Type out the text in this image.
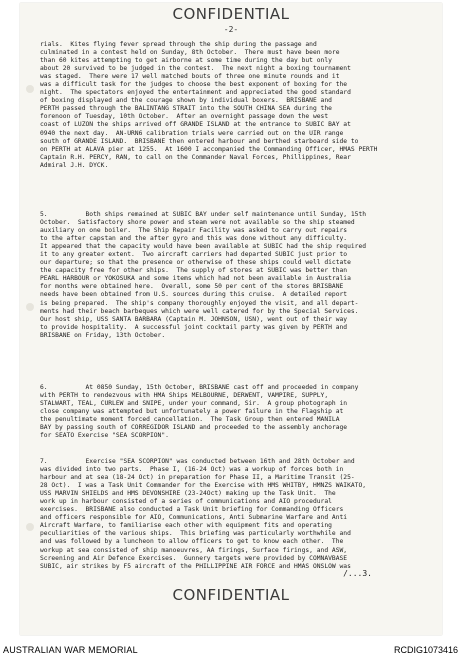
CONFIDENTIAL
-2-
rials.  Kites flying fever spread through the ship during the passage and
culminated in a contest held on Sunday, 8th October.  There must have been more
than 60 kites attempting to get airborne at some time during the day but only
about 20 survived to be judged in the contest.  The next night a boxing tournament
was staged.  There were 17 well matched bouts of three one minute rounds and it
was a difficult task for the judges to choose the best exponent of boxing for the
night.  The spectators enjoyed the entertainment and appreciated the good standard
of boxing displayed and the courage shown by individual boxers.  BRISBANE and
PERTH passed through the BALINTANG STRAIT into the SOUTH CHINA SEA during the
forenoon of Tuesday, 10th October.  After an overnight passage down the west
coast of LUZON the ships arrived off GRANDE ISLAND at the entrance to SUBIC BAY at
0940 the next day.  AN-URN6 calibration trials were carried out on the UIR range
south of GRANDE ISLAND.  BRISBANE then entered harbour and berthed starboard side to
on PERTH at ALAVA pier at 1255.  At 1600 I accompanied the Commanding Officer, HMAS PERTH
Captain R.H. PERCY, RAN, to call on the Commander Naval Forces, Phillippines, Rear
Admiral J.H. DYCK.
5.          Both ships remained at SUBIC BAY under self maintenance until Sunday, 15th
October.  Satisfactory shore power and steam were not available so the ship steamed
auxiliary on one boiler.  The Ship Repair Facility was asked to carry out repairs
to the after capstan and the after gyro and this was done without any difficulty.
It appeared that the capacity would have been available at SUBIC had the ship required
it to any greater extent.  Two aircraft carriers had departed SUBIC just prior to
our departure; so that the presence or otherwise of these ships could well dictate
the capacity free for other ships.  The supply of stores at SUBIC was better than
PEARL HARBOUR or YOKOSUKA and some items which had not been available in Australia
for months were obtained here.  Overall, some 50 per cent of the stores BRISBANE
needs have been obtained from U.S. sources during this cruise.  A detailed report
is being prepared.  The ship's company thoroughly enjoyed the visit, and all depart-
ments had their beach barbeques which were well catered for by the Special Services.
Our host ship, USS SANTA BARBARA (Captain M. JOHNSON, USN), went out of their way
to provide hospitality.  A successful joint cocktail party was given by PERTH and
BRISBANE on Friday, 13th October.
6.          At 0850 Sunday, 15th October, BRISBANE cast off and proceeded in company
with PERTH to rendezvous with HMA Ships MELBOURNE, DERWENT, VAMPIRE, SUPPLY,
STALWART, TEAL, CURLEW and SNIPE, under your command, Sir.  A group photograph in
close company was attempted but unfortunately a power failure in the Flagship at
the penultimate moment forced cancellation.  The Task Group then entered MANILA
BAY by passing south of CORREGIDOR ISLAND and proceeded to the assembly anchorage
for SEATO Exercise "SEA SCORPION".
7.          Exercise "SEA SCORPION" was conducted between 16th and 28th October and
was divided into two parts.  Phase I, (16-24 Oct) was a workup of forces both in
harbour and at sea (18-24 Oct) in preparation for Phase II, a Maritime Transit (25-
28 Oct).  I was a Task Unit Commander for the Exercise with HMS WHITBY, HMNZS WAIKATO,
USS MARVIN SHIELDS and HMS DEVONSHIRE (23-24Oct) making up the Task Unit.  The
work up in harbour consisted of a series of communications and AIO procedural
exercises.  BRISBANE also conducted a Task Unit briefing for Commanding Officers
and officers responsible for AIO, Communications, Anti Submarine Warfare and Anti
Aircraft Warfare, to familiarise each other with equipment fits and operating
peculiarities of the various ships.  This briefing was particularly worthwhile and
and was followed by a luncheon to allow officers to get to know each other.  The
workup at sea consisted of ship manoeuvres, AA firings, Surface firings, and ASW,
Screening and Air Defence Exercises.  Gunnery targets were provided by COMNAVBASE
SUBIC, air strikes by F5 aircraft of the PHILLIPPINE AIR FORCE and HMAS ONSLOW was
/...3.
CONFIDENTIAL
AUSTRALIAN WAR MEMORIAL	RCDIG1073416
